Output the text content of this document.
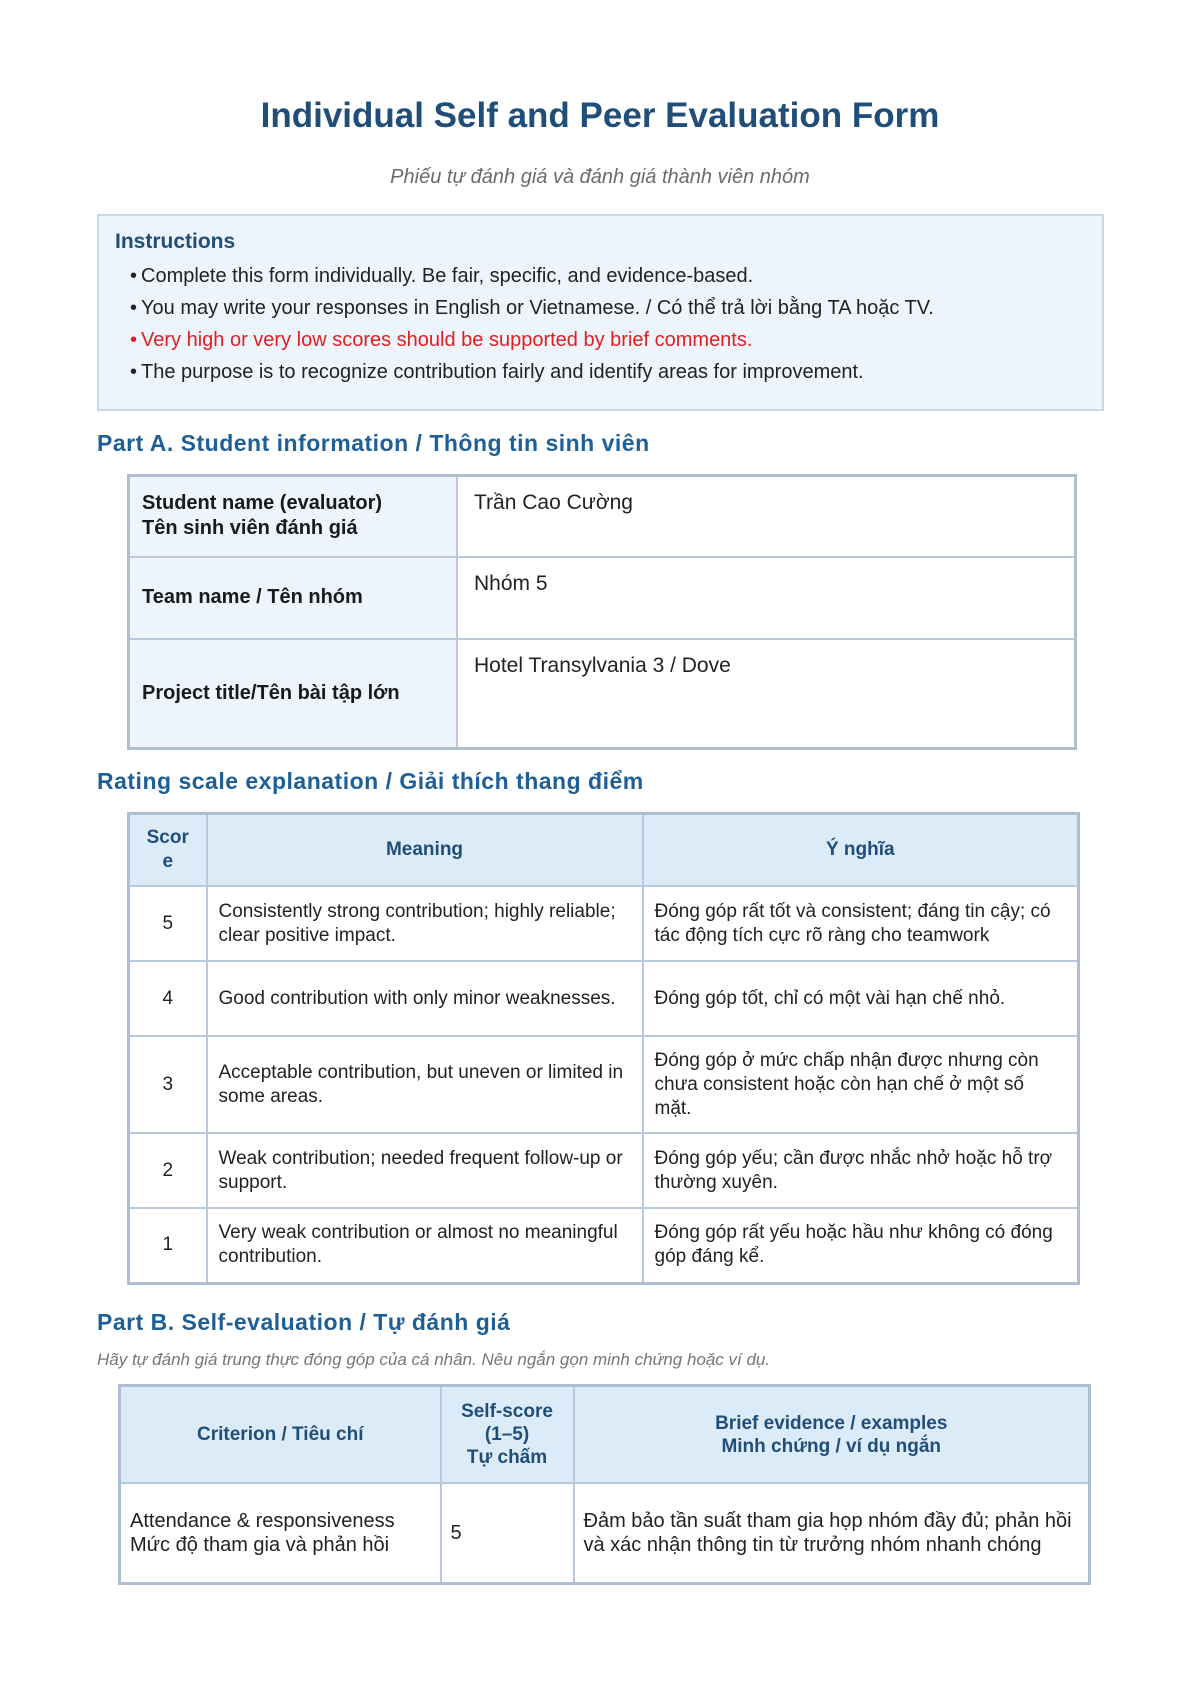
Individual Self and Peer Evaluation Form
Phiếu tự đánh giá và đánh giá thành viên nhóm
Instructions
• Complete this form individually. Be fair, specific, and evidence-based.
• You may write your responses in English or Vietnamese. / Có thể trả lời bằng TA hoặc TV.
• Very high or very low scores should be supported by brief comments.
• The purpose is to recognize contribution fairly and identify areas for improvement.
Part A. Student information / Thông tin sinh viên
Student name (evaluator)
Tên sinh viên đánh giá	Trần Cao Cường
Team name / Tên nhóm	Nhóm 5
Project title/Tên bài tập lớn	Hotel Transylvania 3 / Dove
Rating scale explanation / Giải thích thang điểm
Scor e	Meaning	Ý nghĩa
5	Consistently strong contribution; highly reliable; clear positive impact.	Đóng góp rất tốt và consistent; đáng tin cậy; có tác động tích cực rõ ràng cho teamwork
4	Good contribution with only minor weaknesses.	Đóng góp tốt, chỉ có một vài hạn chế nhỏ.
3	Acceptable contribution, but uneven or limited in some areas.	Đóng góp ở mức chấp nhận được nhưng còn chưa consistent hoặc còn hạn chế ở một số mặt.
2	Weak contribution; needed frequent follow-up or support.	Đóng góp yếu; cần được nhắc nhở hoặc hỗ trợ thường xuyên.
1	Very weak contribution or almost no meaningful contribution.	Đóng góp rất yếu hoặc hầu như không có đóng góp đáng kể.
Part B. Self-evaluation / Tự đánh giá
Hãy tự đánh giá trung thực đóng góp của cá nhân. Nêu ngắn gọn minh chứng hoặc ví dụ.
Criterion / Tiêu chí	Self-score
(1–5)
Tự chấm	Brief evidence / examples
Minh chứng / ví dụ ngắn
Attendance & responsiveness
Mức độ tham gia và phản hồi	5	Đảm bảo tần suất tham gia họp nhóm đầy đủ; phản hồi và xác nhận thông tin từ trưởng nhóm nhanh chóng
